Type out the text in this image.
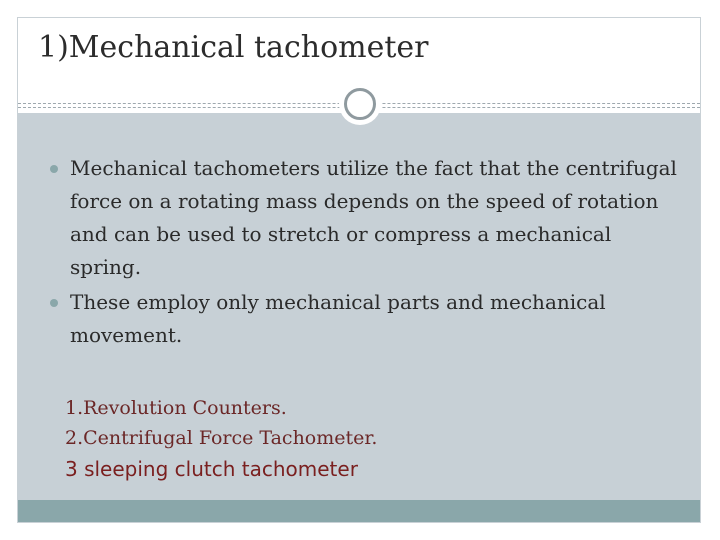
1)Mechanical tachometer
Mechanical tachometers utilize the fact that the centrifugal force on a rotating mass depends on the speed of rotation and can be used to stretch or compress a mechanical spring.
These employ only mechanical parts and mechanical movement.
1.Revolution Counters.
2.Centrifugal Force Tachometer.
3 sleeping clutch tachometer
